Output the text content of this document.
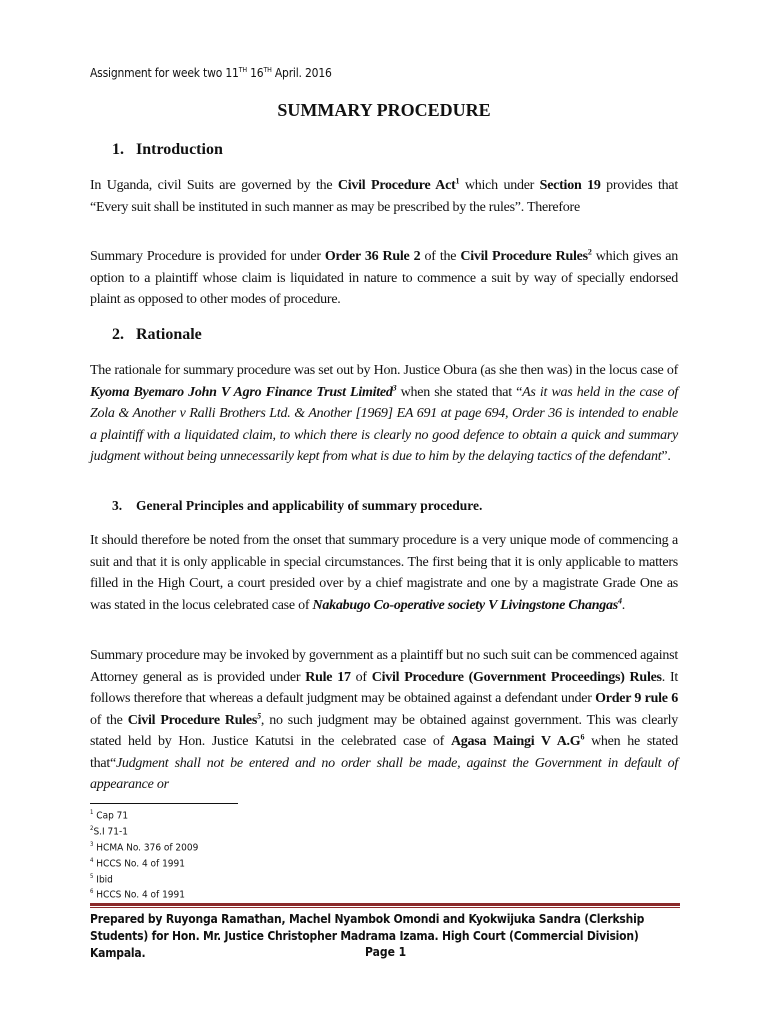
Assignment for week two 11TH 16TH April. 2016
SUMMARY PROCEDURE
1. Introduction
In Uganda, civil Suits are governed by the Civil Procedure Act$^1$ which under Section 19 provides that “Every suit shall be instituted in such manner as may be prescribed by the rules”. Therefore
Summary Procedure is provided for under Order 36 Rule 2 of the Civil Procedure Rules$^2$ which gives an option to a plaintiff whose claim is liquidated in nature to commence a suit by way of specially endorsed plaint as opposed to other modes of procedure.
2. Rationale
The rationale for summary procedure was set out by Hon. Justice Obura (as she then was) in the locus case of Kyoma Byemaro John V Agro Finance Trust Limited$^3$ when she stated that “As it was held in the case of Zola & Another v Ralli Brothers Ltd. & Another [1969] EA 691 at page 694, Order 36 is intended to enable a plaintiff with a liquidated claim, to which there is clearly no good defence to obtain a quick and summary judgment without being unnecessarily kept from what is due to him by the delaying tactics of the defendant”.
3. General Principles and applicability of summary procedure.
It should therefore be noted from the onset that summary procedure is a very unique mode of commencing a suit and that it is only applicable in special circumstances. The first being that it is only applicable to matters filled in the High Court, a court presided over by a chief magistrate and one by a magistrate Grade One as was stated in the locus celebrated case of Nakabugo Co-operative society V Livingstone Changas$^4$.
Summary procedure may be invoked by government as a plaintiff but no such suit can be commenced against Attorney general as is provided under Rule 17 of Civil Procedure (Government Proceedings) Rules. It follows therefore that whereas a default judgment may be obtained against a defendant under Order 9 rule 6 of the Civil Procedure Rules$^5$, no such judgment may be obtained against government. This was clearly stated held by Hon. Justice Katutsi in the celebrated case of Agasa Maingi V $A.G^6$ when he stated that“Judgment shall not be entered and no order shall be made, against the Government in default of appearance or
$^1$ Cap 71
$^2$S.I 71-1
$^3$ HCMA No. 376 of 2009
$^4$ HCCS No. 4 of 1991
$^5$ Ibid
$^6$ HCCS No. 4 of 1991
Prepared by Ruyonga Ramathan, Machel Nyambok Omondi and Kyokwijuka Sandra (Clerkship
Students) for Hon. Mr. Justice Christopher Madrama Izama. High Court (Commercial Division)
Kampala.	Page 1
